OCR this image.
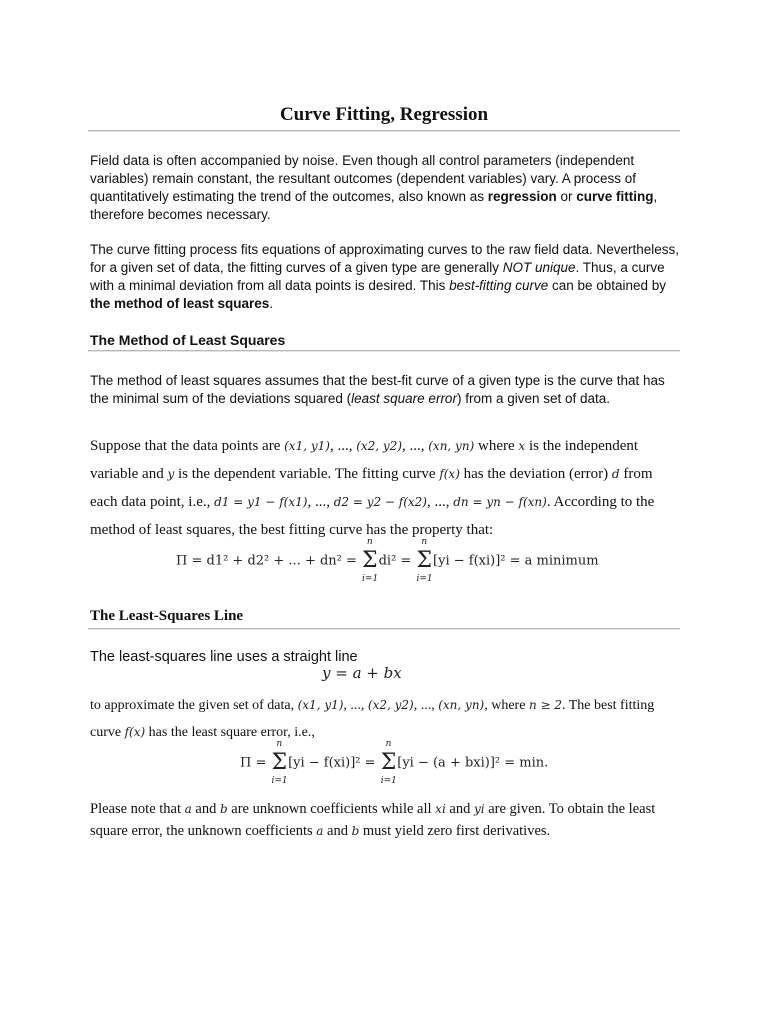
Curve Fitting, Regression

Field data is often accompanied by noise. Even though all control parameters (independent variables) remain constant, the resultant outcomes (dependent variables) vary. A process of quantitatively estimating the trend of the outcomes, also known as regression or curve fitting, therefore becomes necessary.

The curve fitting process fits equations of approximating curves to the raw field data. Nevertheless, for a given set of data, the fitting curves of a given type are generally NOT unique. Thus, a curve with a minimal deviation from all data points is desired. This best-fitting curve can be obtained by the method of least squares.

The Method of Least Squares

The method of least squares assumes that the best-fit curve of a given type is the curve that has the minimal sum of the deviations squared (least square error) from a given set of data.

Suppose that the data points are (x1, y1), ..., (x2, y2), ..., (xn, yn) where x is the independent variable and y is the dependent variable. The fitting curve f(x) has the deviation (error) d from each data point, i.e., d1 = y1 − f(x1), ..., d2 = y2 − f(x2), ..., dn = yn − f(xn). According to the method of least squares, the best fitting curve has the property that:

Π = d1² + d2² + ... + dn² =
n
Σ
i=1
di² =
n
Σ
i=1
[yi − f(xi)]² = a minimum
The Least-Squares Line

The least-squares line uses a straight line

y = a + bx

to approximate the given set of data, (x1, y1), ..., (x2, y2), ..., (xn, yn), where n ≥ 2. The best fitting curve f(x) has the least square error, i.e.,

Π =
n
Σ
i=1
[yi − f(xi)]² =
n
Σ
i=1
[yi − (a + bxi)]² = min.

Please note that a and b are unknown coefficients while all xi and yi are given. To obtain the least square error, the unknown coefficients a and b must yield zero first derivatives.
